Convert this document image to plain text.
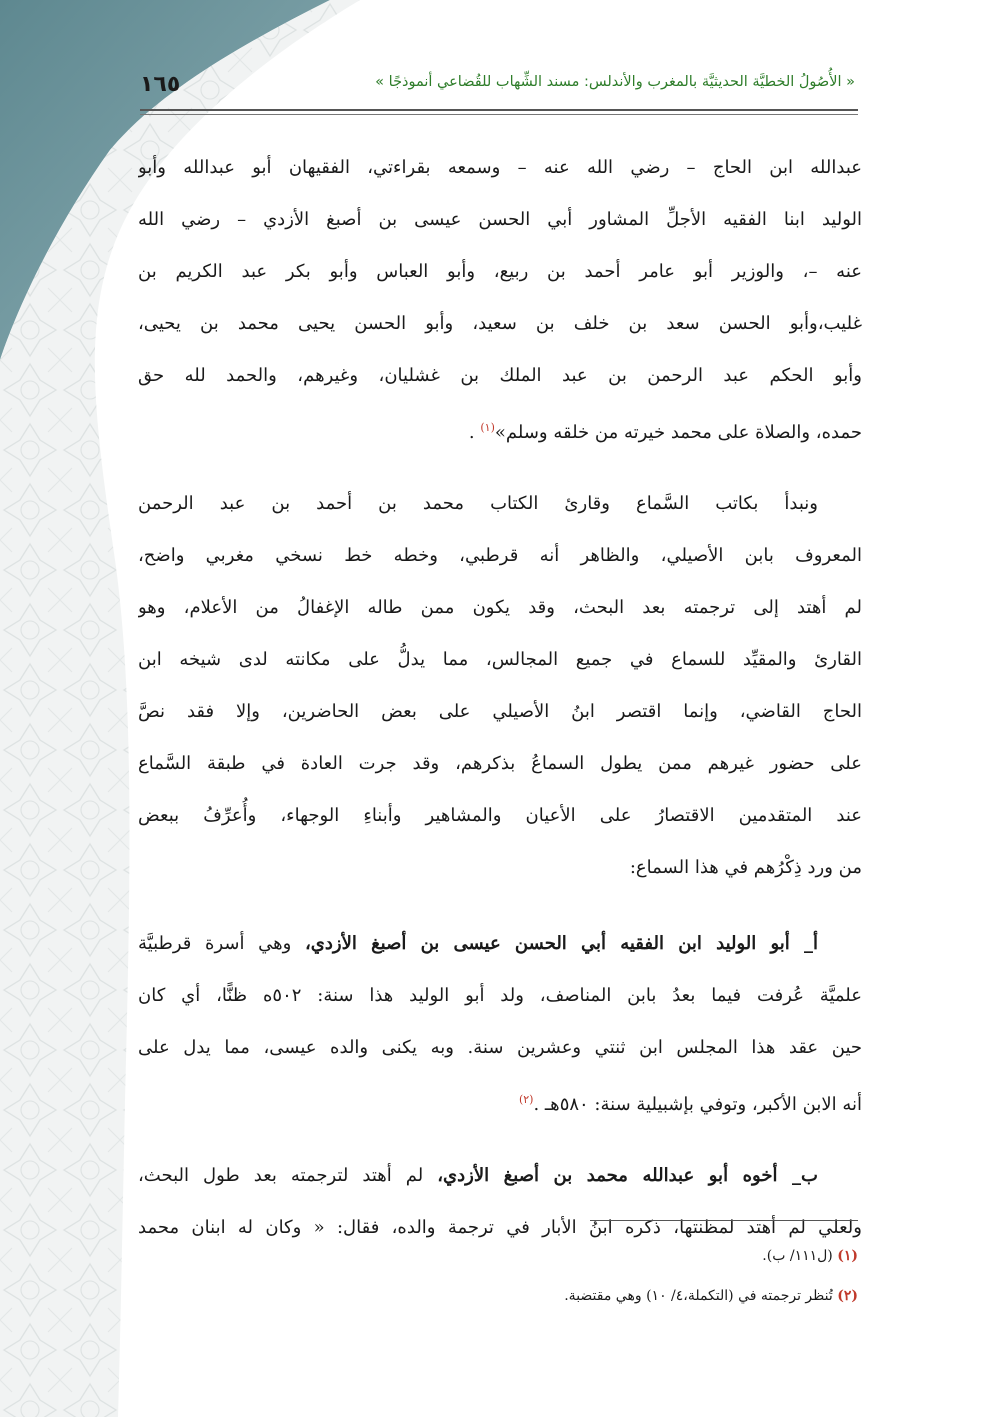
١٦٥	« الأُصُولُ الخطيَّة الحديثيَّة بالمغرب والأندلس: مسند الشِّهاب للقُضاعي أنموذجًا »
عبدالله ابن الحاج – رضي الله عنه – وسمعه بقراءتي، الفقيهان أبو عبدالله وأبو
الوليد ابنا الفقيه الأجلِّ المشاور أبي الحسن عيسى بن أصبغ الأزدي – رضي الله
عنه –، والوزير أبو عامر أحمد بن ربيع، وأبو العباس وأبو بكر عبد الكريم بن
غليب،وأبو الحسن سعد بن خلف بن سعيد، وأبو الحسن يحيى محمد بن يحيى،
وأبو الحكم عبد الرحمن بن عبد الملك بن غشليان، وغيرهم، والحمد لله حق
حمده، والصلاة على محمد خيرته من خلقه وسلم»$^{(١)}$ .
ونبدأ بكاتب السَّماع وقارئ الكتاب محمد بن أحمد بن عبد الرحمن
المعروف بابن الأصيلي، والظاهر أنه قرطبي، وخطه خط نسخي مغربي واضح،
لم أهتد إلى ترجمته بعد البحث، وقد يكون ممن طاله الإغفالُ من الأعلام، وهو
القارئ والمقيِّد للسماع في جميع المجالس، مما يدلُّ على مكانته لدى شيخه ابن
الحاج القاضي، وإنما اقتصر ابنُ الأصيلي على بعض الحاضرين، وإلا فقد نصَّ
على حضور غيرهم ممن يطول السماعُ بذكرهم، وقد جرت العادة في طبقة السَّماع
عند المتقدمين الاقتصارُ على الأعيان والمشاهير وأبناءِ الوجهاء، وأُعرِّفُ ببعض
من ورد ذِكْرُهم في هذا السماع:
أ_ أبو الوليد ابن الفقيه أبي الحسن عيسى بن أصبغ الأزدي، وهي أسرة قرطبيَّة
علميَّة عُرفت فيما بعدُ بابن المناصف، ولد أبو الوليد هذا سنة: ٥٠٢ه ظنًّا، أي كان
حين عقد هذا المجلس ابن ثنتي وعشرين سنة. وبه يكنى والده عيسى، مما يدل على
أنه الابن الأكبر، وتوفي بإشبيلية سنة: ٥٨٠هـ .$^{(٢)}$
ب_ أخوه أبو عبدالله محمد بن أصبغ الأزدي، لم أهتد لترجمته بعد طول البحث،
ولعلي لم أهتد لمظنتها، ذكره ابنُ الأبار في ترجمة والده، فقال: « وكان له ابنان محمد
(١) (ل١١١/ ب).
(٢) تُنظر ترجمته في (التكملة،٤/ ١٠) وهي مقتضبة.
